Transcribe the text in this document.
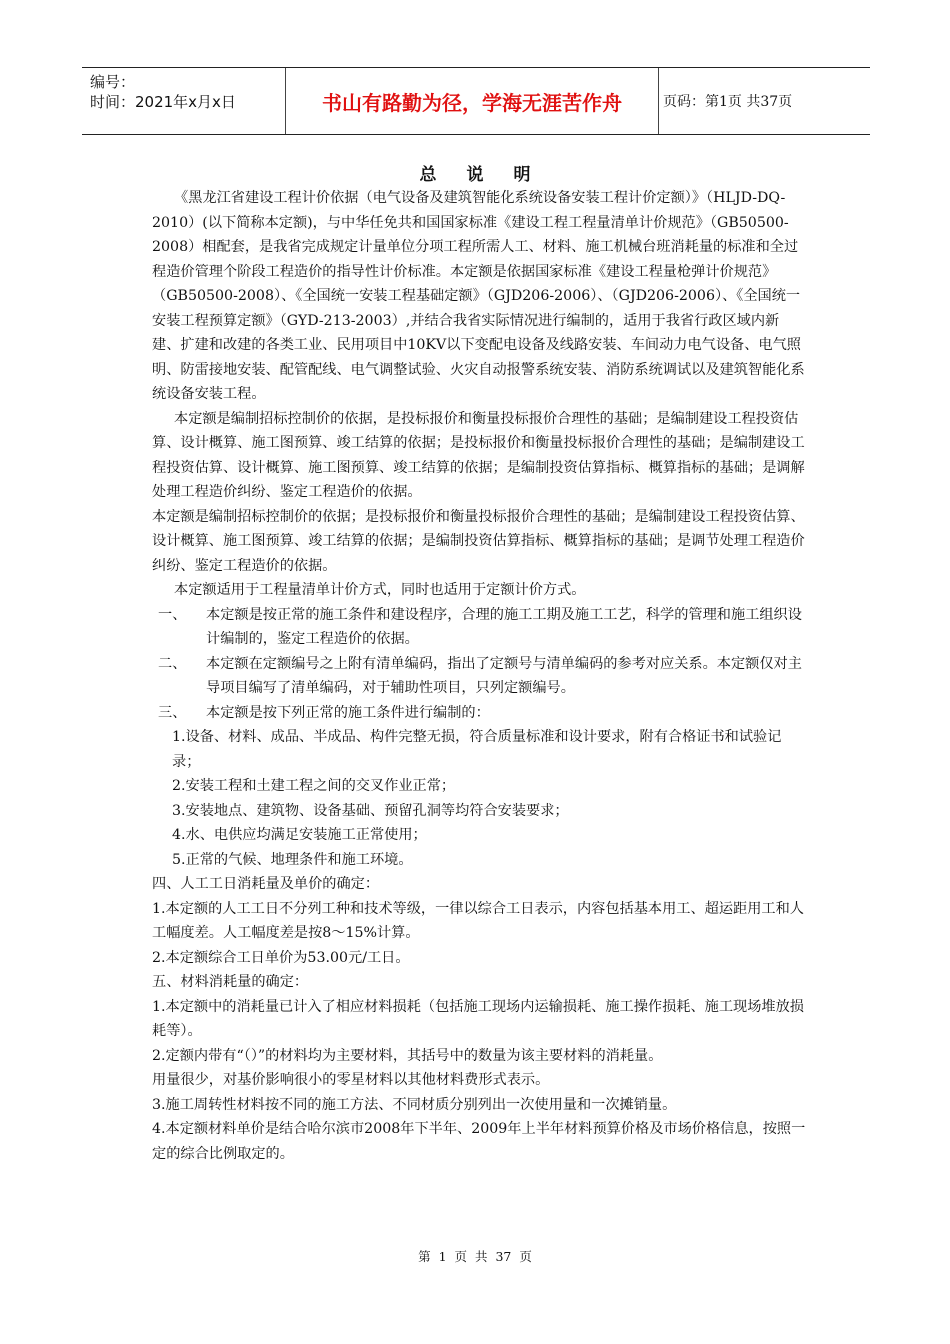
编号：
时间：2021年x月x日	书山有路勤为径，学海无涯苦作舟	页码：第1页 共37页
总说明

《黑龙江省建设工程计价依据（电气设备及建筑智能化系统设备安装工程计价定额）》（HLJD-DQ-2010）(以下简称本定额)，与中华任免共和国国家标准《建设工程工程量清单计价规范》（GB50500-2008）相配套，是我省完成规定计量单位分项工程所需人工、材料、施工机械台班消耗量的标准和全过程造价管理个阶段工程造价的指导性计价标准。本定额是依据国家标准《建设工程量枪弹计价规范》（GB50500-2008）、《全国统一安装工程基础定额》（GJD206-2006）、（GJD206-2006）、《全国统一安装工程预算定额》（GYD-213-2003）,并结合我省实际情况进行编制的，适用于我省行政区域内新建、扩建和改建的各类工业、民用项目中10KV以下变配电设备及线路安装、车间动力电气设备、电气照明、防雷接地安装、配管配线、电气调整试验、火灾自动报警系统安装、消防系统调试以及建筑智能化系统设备安装工程。

本定额是编制招标控制价的依据，是投标报价和衡量投标报价合理性的基础；是编制建设工程投资估算、设计概算、施工图预算、竣工结算的依据；是投标报价和衡量投标报价合理性的基础；是编制建设工程投资估算、设计概算、施工图预算、竣工结算的依据；是编制投资估算指标、概算指标的基础；是调解处理工程造价纠纷、鉴定工程造价的依据。

本定额是编制招标控制价的依据；是投标报价和衡量投标报价合理性的基础；是编制建设工程投资估算、设计概算、施工图预算、竣工结算的依据；是编制投资估算指标、概算指标的基础；是调节处理工程造价纠纷、鉴定工程造价的依据。

本定额适用于工程量清单计价方式，同时也适用于定额计价方式。

一、	本定额是按正常的施工条件和建设程序，合理的施工工期及施工工艺，科学的管理和施工组织设计编制的，鉴定工程造价的依据。
二、	本定额在定额编号之上附有清单编码，指出了定额号与清单编码的参考对应关系。本定额仅对主导项目编写了清单编码，对于辅助性项目，只列定额编号。
三、	本定额是按下列正常的施工条件进行编制的：

1.设备、材料、成品、半成品、构件完整无损，符合质量标准和设计要求，附有合格证书和试验记录；

2.安装工程和土建工程之间的交叉作业正常；

3.安装地点、建筑物、设备基础、预留孔洞等均符合安装要求；

4.水、电供应均满足安装施工正常使用；

5.正常的气候、地理条件和施工环境。

四、人工工日消耗量及单价的确定：

1.本定额的人工工日不分列工种和技术等级，一律以综合工日表示，内容包括基本用工、超运距用工和人工幅度差。人工幅度差是按8～15%计算。

2.本定额综合工日单价为53.00元/工日。

五、材料消耗量的确定：

1.本定额中的消耗量已计入了相应材料损耗（包括施工现场内运输损耗、施工操作损耗、施工现场堆放损耗等）。

2.定额内带有“（）”的材料均为主要材料，其括号中的数量为该主要材料的消耗量。

用量很少，对基价影响很小的零星材料以其他材料费形式表示。

3.施工周转性材料按不同的施工方法、不同材质分别列出一次使用量和一次摊销量。

4.本定额材料单价是结合哈尔滨市2008年下半年、2009年上半年材料预算价格及市场价格信息，按照一定的综合比例取定的。

第 1 页 共 37 页
